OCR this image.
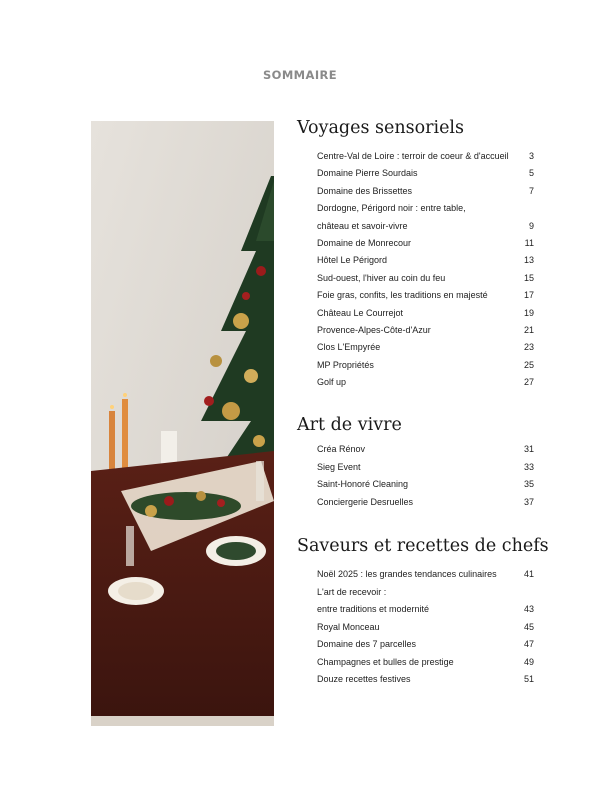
SOMMAIRE
Voyages sensoriels
Centre-Val de Loire : terroir de coeur & d'accueil 3
Domaine Pierre Sourdais	5
Domaine des Brissettes	7
Dordogne, Périgord noir : entre table,
château et savoir-vivre	9
Domaine de Monrecour	11
Hôtel Le Périgord	13
Sud-ouest, l'hiver au coin du feu	15
Foie gras, confits, les traditions en majesté	17
Château Le Courrejot	19
Provence-Alpes-Côte-d'Azur	21
Clos L'Empyrée	23
MP Propriétés	25
Golf up	27
Art de vivre
Créa Rénov	31
Sieg Event	33
Saint-Honoré Cleaning	35
Conciergerie Desruelles	37
Saveurs et recettes de chefs
Noël 2025 : les grandes tendances culinaires	41
L'art de recevoir :
entre traditions et modernité	43
Royal Monceau	45
Domaine des 7 parcelles	47
Champagnes et bulles de prestige	49
Douze recettes festives	51
